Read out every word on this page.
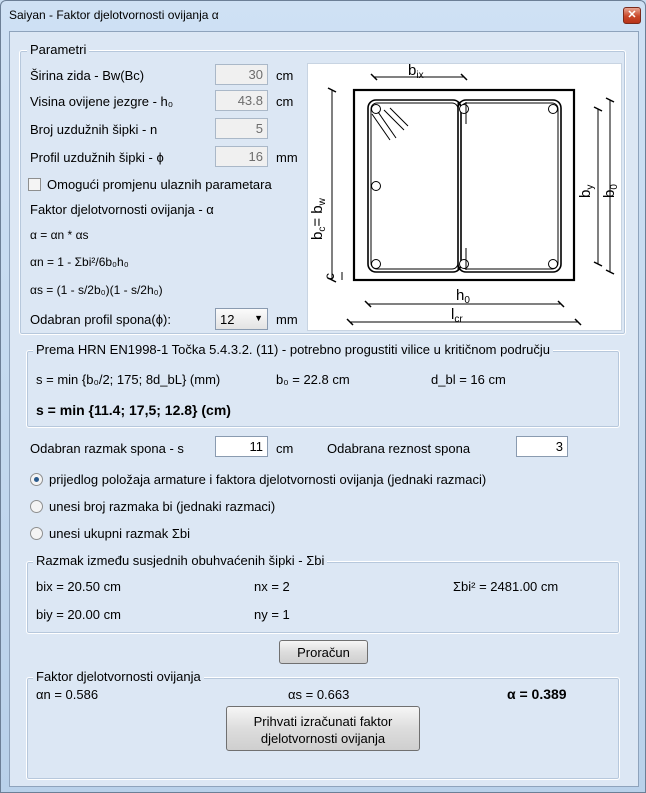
Saiyan - Faktor djelotvornosti ovijanja α	✕
Parametri
Širina zida - Bw(Bc)	30	cm
Visina ovijene jezgre - h₀	43.8	cm
Broj uzdužnih šipki - n	5
Profil uzdužnih šipki - ϕ	16	mm
Omogući promjenu ulaznih parametara
Faktor djelotvornosti ovijanja - α
α = αn * αs
αn = 1 - Σbi²/6b₀h₀
αs = (1 - s/2b₀)(1 - s/2h₀)
Odabran profil spona(ϕ):	12 ▼ mm
$b_{ix}$
$b_c= b_w$
$b_y$
$b_0$
c
$h_0$
$l_{cr}$
Prema HRN EN1998-1 Točka 5.4.3.2. (11) - potrebno progustiti vilice u kritičnom području
s = min {b₀/2; 175; 8d_bL} (mm)	b₀ = 22.8 cm	d_bl = 16 cm
s = min {11.4; 17,5; 12.8} (cm)
Odabran razmak spona - s	11	cm	Odabrana reznost spona	3
prijedlog položaja armature i faktora djelotvornosti ovijanja (jednaki razmaci)
unesi broj razmaka bi (jednaki razmaci)
unesi ukupni razmak Σbi
Razmak između susjednih obuhvaćenih šipki - Σbi
bix = 20.50 cm	nx = 2	Σbi² = 2481.00 cm
biy = 20.00 cm	ny = 1
Proračun
Faktor djelotvornosti ovijanja
αn = 0.586	αs = 0.663	α = 0.389
Prihvati izračunati faktor
djelotvornosti ovijanja
